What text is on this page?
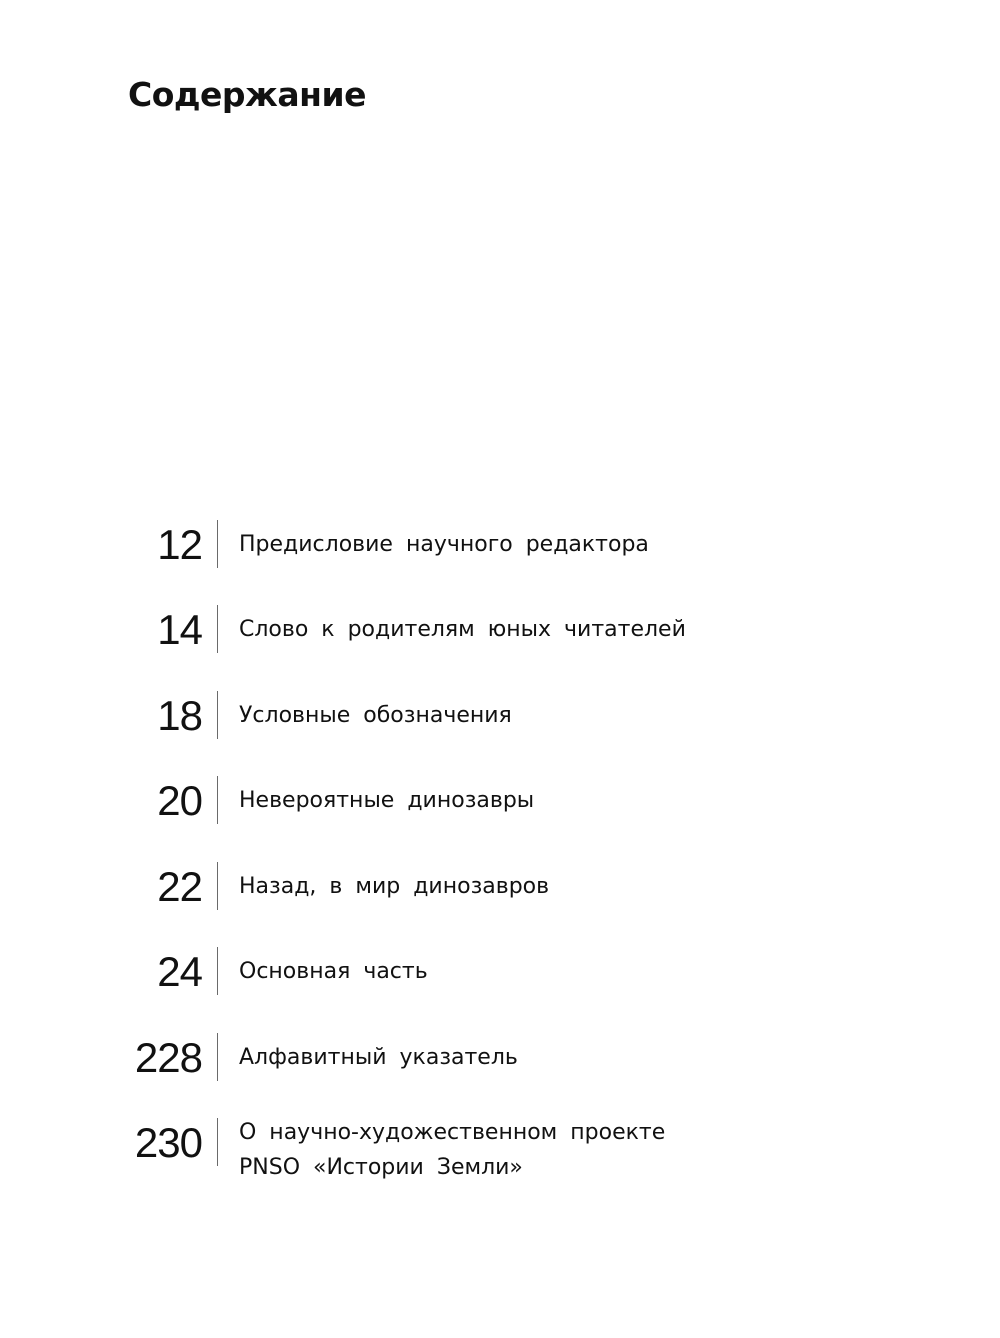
Содержание
12 Предисловие научного редактора
14 Слово к родителям юных читателей
18 Условные обозначения
20 Невероятные динозавры
22 Назад, в мир динозавров
24 Основная часть
228 Алфавитный указатель
230 О научно-художественном проекте
PNSO «Истории Земли»
